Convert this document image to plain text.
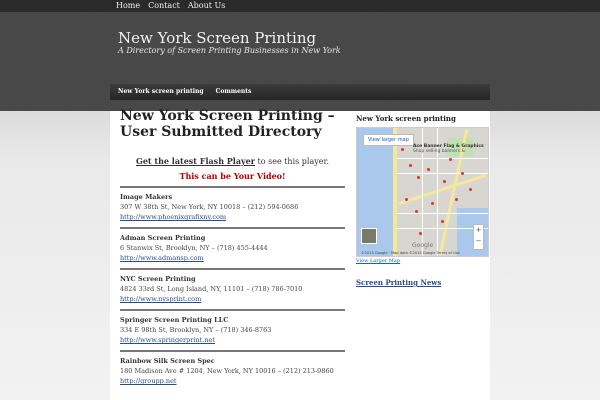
Home Contact About Us
New York Screen Printing
A Directory of Screen Printing Businesses in New York
New York screen printing Comments
New York Screen Printing – User Submitted Directory
Get the latest Flash Player to see this player.
This can be Your Video!
Image Makers
307 W 38th St, New York, NY 10018 – (212) 594-0686
http://www.phoenixgrafixny.com
Adman Screen Printing
6 Stanwix St, Brooklyn, NY – (718) 455-4444
http://www.admansp.com
NYC Screen Printing
4824 33rd St, Long Island, NY, 11101 – (718) 786-7010
http://www.nysprint.com
Springer Screen Printing LLC
334 E 98th St, Brooklyn, NY – (718) 346-8763
http://www.springerprint.net
Rainbow Silk Screen Spec
180 Madison Ave # 1204, New York, NY 10016 – (212) 213-9860
http://groupp.net
New York screen printing
View larger map
Ace Banner Flag & Graphics
Shop selling banners &
+
−
Google
©2015 Google · Map data ©2015 Google Terms of Use
View Larger Map
Screen Printing News
